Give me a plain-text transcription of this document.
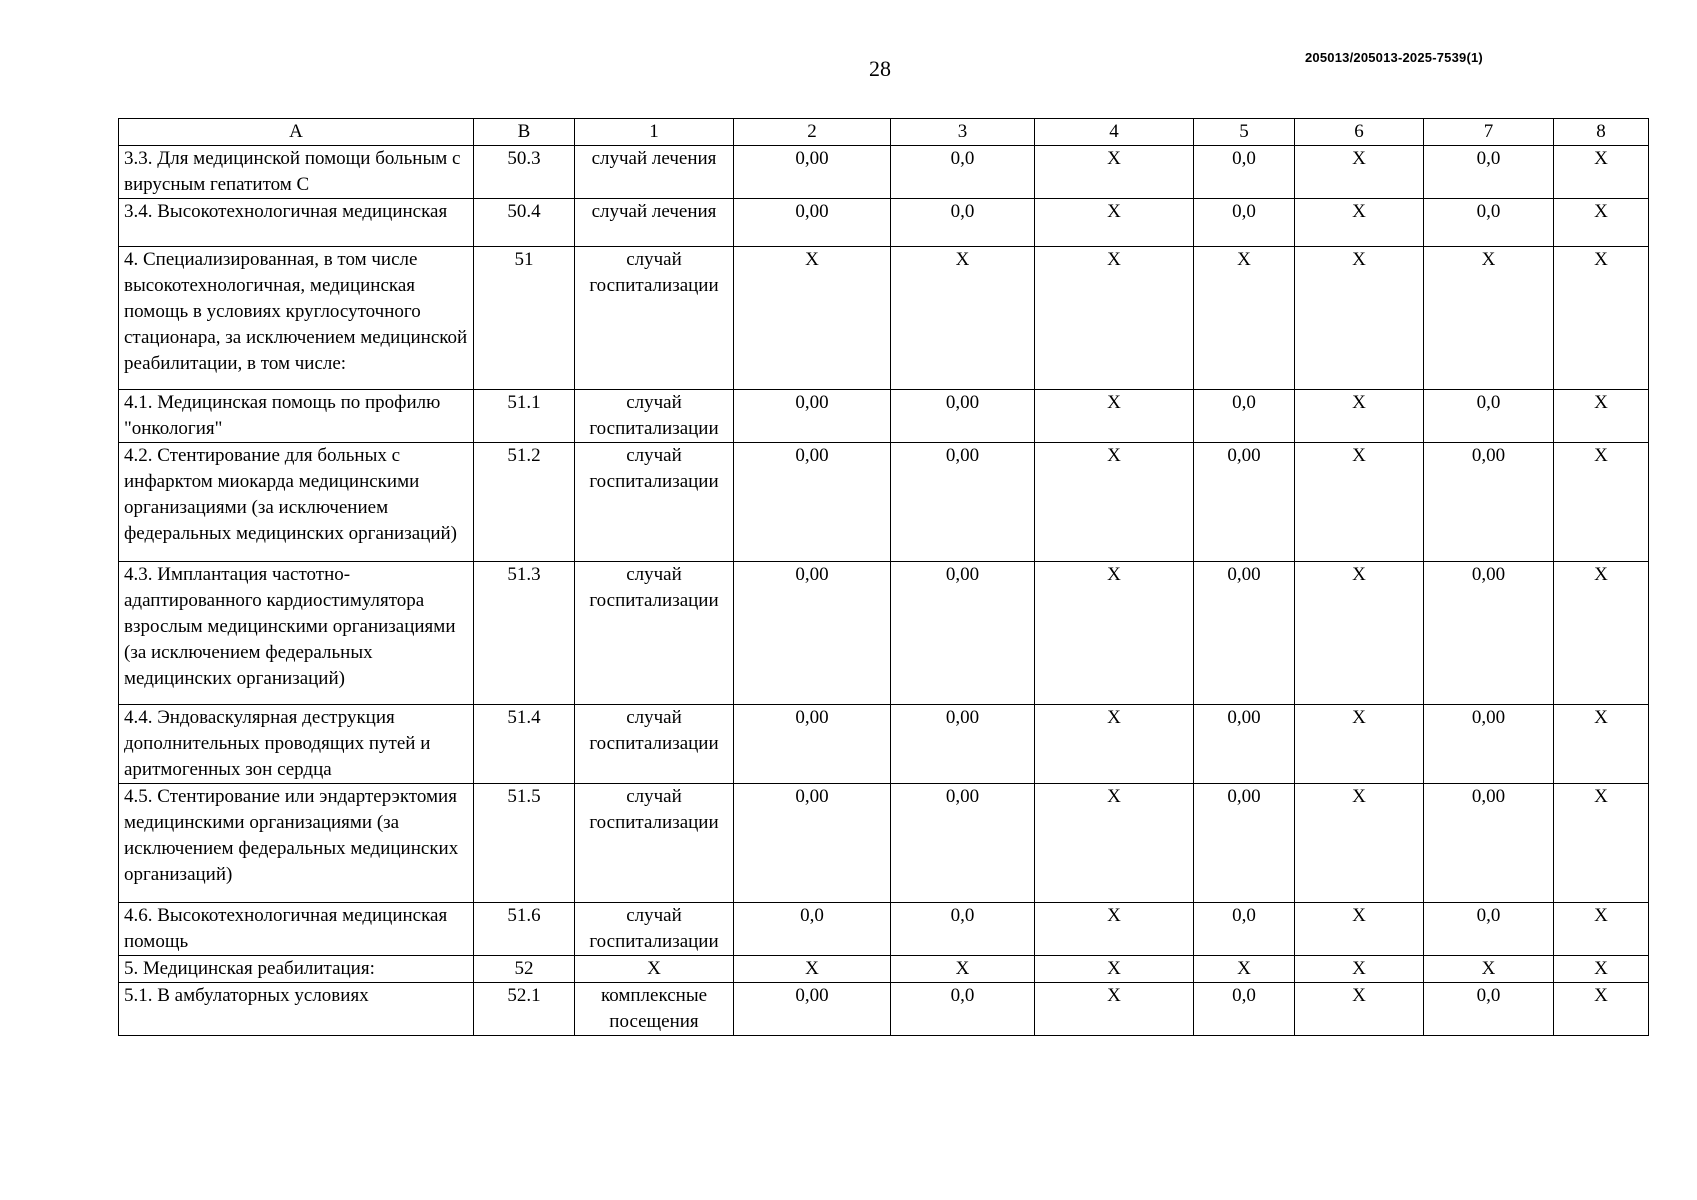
28	205013/205013-2025-7539(1)
А	В	1	2	3	4	5	6	7	8
3.3. Для медицинской помощи больным с вирусным гепатитом С	50.3	случай лечения	0,00	0,0	X	0,0	X	0,0	X
3.4. Высокотехнологичная медицинская	50.4	случай лечения	0,00	0,0	X	0,0	X	0,0	X
4. Специализированная, в том числе высокотехнологичная, медицинская помощь в условиях круглосуточного стационара, за исключением медицинской реабилитации, в том числе:	51	случай госпитализации	X	X	X	X	X	X	X
4.1. Медицинская помощь по профилю "онкология"	51.1	случай госпитализации	0,00	0,00	X	0,0	X	0,0	X
4.2. Стентирование для больных с инфарктом миокарда медицинскими организациями (за исключением федеральных медицинских организаций)	51.2	случай госпитализации	0,00	0,00	X	0,00	X	0,00	X
4.3. Имплантация частотно-адаптированного кардиостимулятора взрослым медицинскими организациями (за исключением федеральных медицинских организаций)	51.3	случай госпитализации	0,00	0,00	X	0,00	X	0,00	X
4.4. Эндоваскулярная деструкция дополнительных проводящих путей и аритмогенных зон сердца	51.4	случай госпитализации	0,00	0,00	X	0,00	X	0,00	X
4.5. Стентирование или эндартерэктомия медицинскими организациями (за исключением федеральных медицинских организаций)	51.5	случай госпитализации	0,00	0,00	X	0,00	X	0,00	X
4.6. Высокотехнологичная медицинская помощь	51.6	случай госпитализации	0,0	0,0	X	0,0	X	0,0	X
5. Медицинская реабилитация:	52	X	X	X	X	X	X	X	X
5.1. В амбулаторных условиях	52.1	комплексные посещения	0,00	0,0	X	0,0	X	0,0	X
